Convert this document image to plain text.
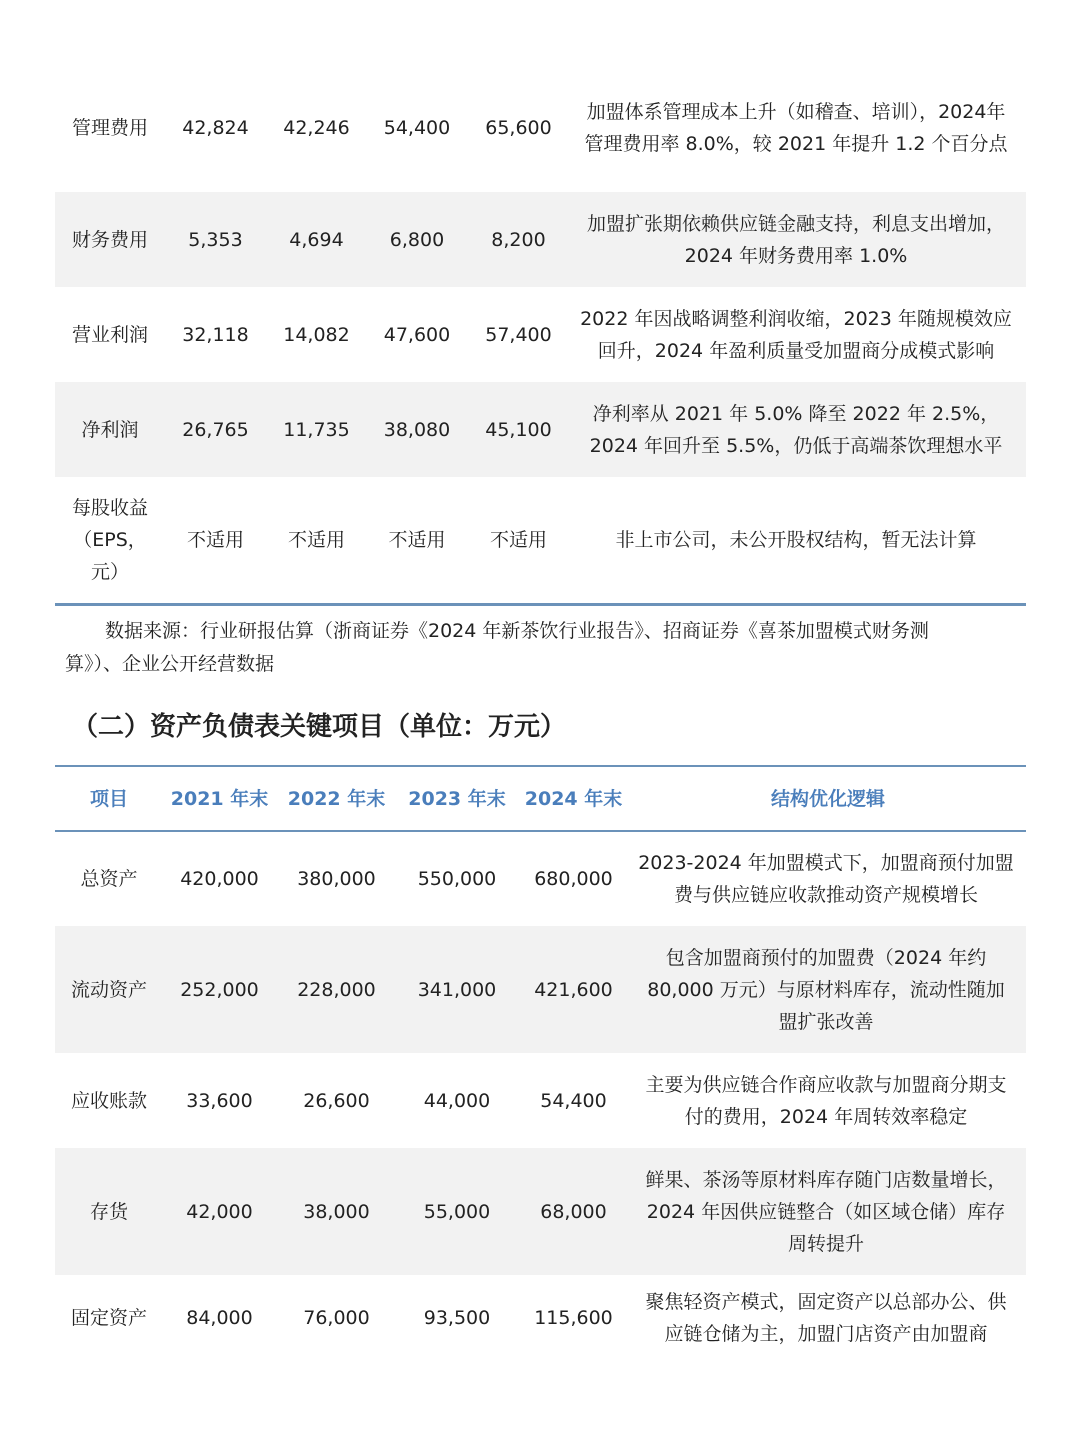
管理费用	42,824	42,246	54,400	65,600	加盟体系管理成本上升（如稽查、培训），2024年管理费用率 8.0%，较 2021 年提升 1.2 个百分点
财务费用	5,353	4,694	6,800	8,200	加盟扩张期依赖供应链金融支持，利息支出增加，2024 年财务费用率 1.0%
营业利润	32,118	14,082	47,600	57,400	2022 年因战略调整利润收缩，2023 年随规模效应回升，2024 年盈利质量受加盟商分成模式影响
净利润	26,765	11,735	38,080	45,100	净利率从 2021 年 5.0% 降至 2022 年 2.5%，2024 年回升至 5.5%，仍低于高端茶饮理想水平
每股收益（EPS，元）	不适用	不适用	不适用	不适用	非上市公司，未公开股权结构，暂无法计算

数据来源：行业研报估算（浙商证券《2024 年新茶饮行业报告》、招商证券《喜茶加盟模式财务测算》）、企业公开经营数据

（二）资产负债表关键项目（单位：万元）
项目	2021 年末	2022 年末	2023 年末	2024 年末	结构优化逻辑
总资产	420,000	380,000	550,000	680,000	2023-2024 年加盟模式下，加盟商预付加盟费与供应链应收款推动资产规模增长
流动资产	252,000	228,000	341,000	421,600	包含加盟商预付的加盟费（2024 年约 80,000 万元）与原材料库存，流动性随加盟扩张改善
应收账款	33,600	26,600	44,000	54,400	主要为供应链合作商应收款与加盟商分期支付的费用，2024 年周转效率稳定
存货	42,000	38,000	55,000	68,000	鲜果、茶汤等原材料库存随门店数量增长，2024 年因供应链整合（如区域仓储）库存周转提升
固定资产	84,000	76,000	93,500	115,600	聚焦轻资产模式，固定资产以总部办公、供应链仓储为主，加盟门店资产由加盟商
